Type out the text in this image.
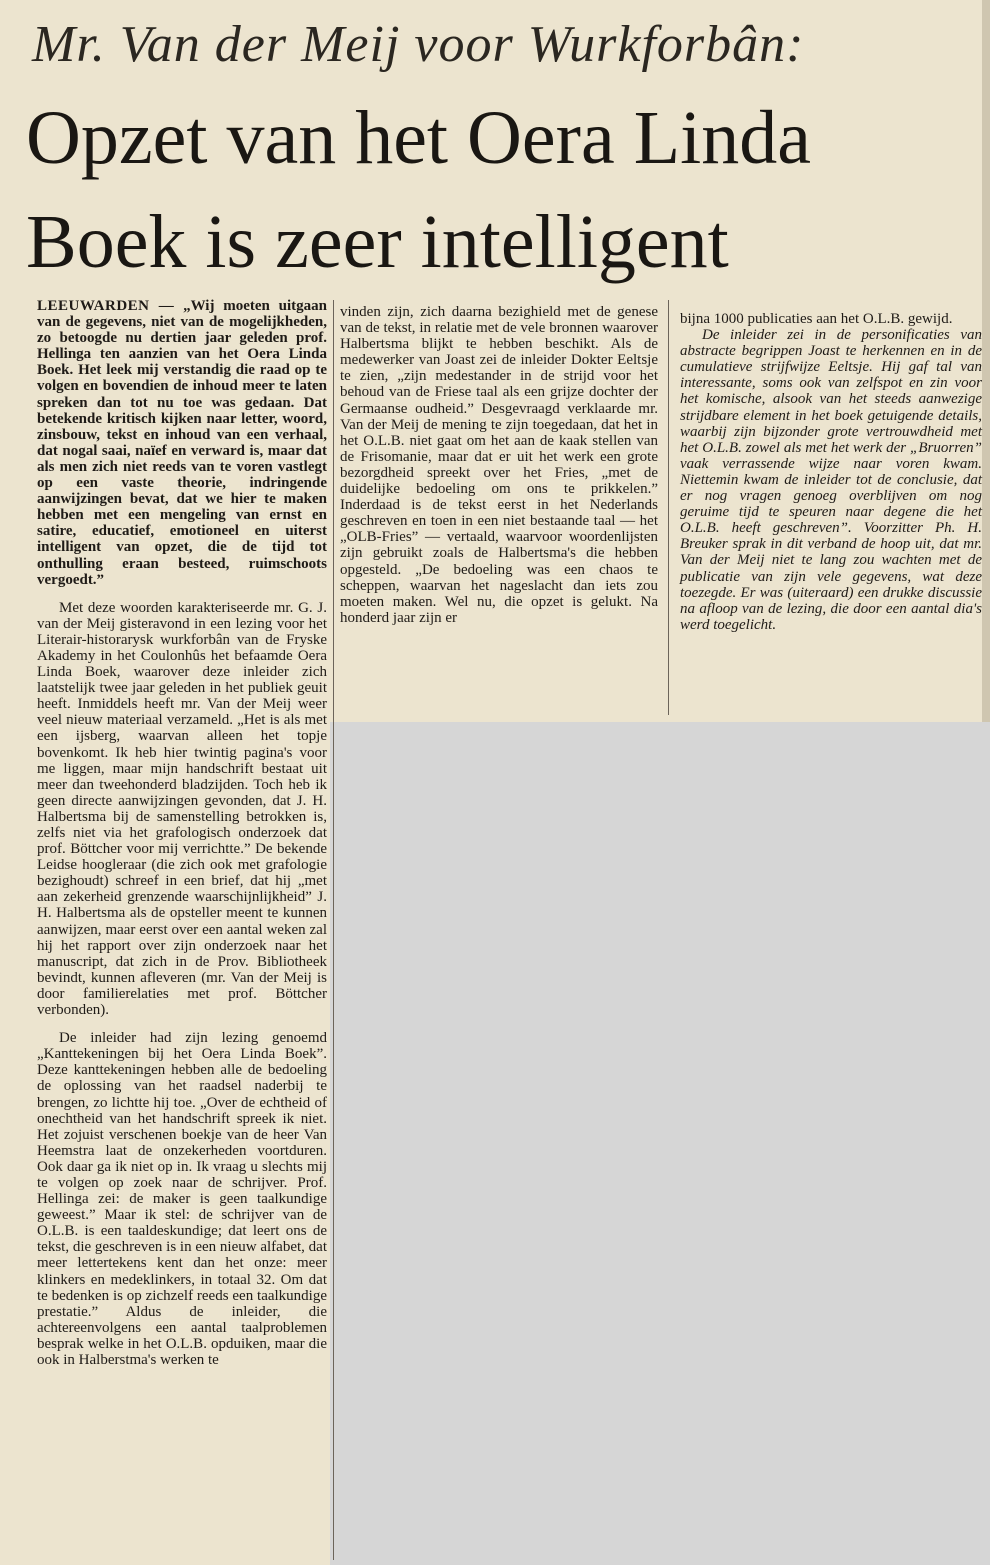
Mr. Van der Meij voor Wurkforbân:
Opzet van het Oera Linda
Boek is zeer intelligent

LEEUWARDEN — „Wij moeten uitgaan van de gegevens, niet van de mogelijkheden, zo betoogde nu dertien jaar geleden prof. Hellinga ten aanzien van het Oera Linda Boek. Het leek mij verstandig die raad op te volgen en bovendien de inhoud meer te laten spreken dan tot nu toe was gedaan. Dat betekende kritisch kijken naar letter, woord, zinsbouw, tekst en inhoud van een verhaal, dat nogal saai, naïef en verward is, maar dat als men zich niet reeds van te voren vastlegt op een vaste theorie, indringende aanwijzingen bevat, dat we hier te maken hebben met een mengeling van ernst en satire, educatief, emotioneel en uiterst intelligent van opzet, die de tijd tot onthulling eraan besteed, ruimschoots vergoedt.”

Met deze woorden karakteriseerde mr. G. J. van der Meij gisteravond in een lezing voor het Literair-historarysk wurkforbân van de Fryske Akademy in het Coulonhûs het befaamde Oera Linda Boek, waarover deze inleider zich laatstelijk twee jaar geleden in het publiek geuit heeft. Inmiddels heeft mr. Van der Meij weer veel nieuw materiaal verzameld. „Het is als met een ijsberg, waarvan alleen het topje bovenkomt. Ik heb hier twintig pagina's voor me liggen, maar mijn handschrift bestaat uit meer dan tweehonderd bladzijden. Toch heb ik geen directe aanwijzingen gevonden, dat J. H. Halbertsma bij de samenstelling betrokken is, zelfs niet via het grafologisch onderzoek dat prof. Böttcher voor mij verrichtte.” De bekende Leidse hoogleraar (die zich ook met grafologie bezighoudt) schreef in een brief, dat hij „met aan zekerheid grenzende waarschijnlijkheid” J. H. Halbertsma als de opsteller meent te kunnen aanwijzen, maar eerst over een aantal weken zal hij het rapport over zijn onderzoek naar het manuscript, dat zich in de Prov. Bibliotheek bevindt, kunnen afleveren (mr. Van der Meij is door familierelaties met prof. Böttcher verbonden).

De inleider had zijn lezing genoemd „Kanttekeningen bij het Oera Linda Boek”. Deze kanttekeningen hebben alle de bedoeling de oplossing van het raadsel naderbij te brengen, zo lichtte hij toe. „Over de echtheid of onechtheid van het handschrift spreek ik niet. Het zojuist verschenen boekje van de heer Van Heemstra laat de onzekerheden voortduren. Ook daar ga ik niet op in. Ik vraag u slechts mij te volgen op zoek naar de schrijver. Prof. Hellinga zei: de maker is geen taalkundige geweest.” Maar ik stel: de schrijver van de O.L.B. is een taaldeskundige; dat leert ons de tekst, die geschreven is in een nieuw alfabet, dat meer lettertekens kent dan het onze: meer klinkers en medeklinkers, in totaal 32. Om dat te bedenken is op zichzelf reeds een taalkundige prestatie.” Aldus de inleider, die achtereenvolgens een aantal taalproblemen besprak welke in het O.L.B. opduiken, maar die ook in Halberstma's werken te

vinden zijn, zich daarna bezighield met de genese van de tekst, in relatie met de vele bronnen waarover Halbertsma blijkt te hebben beschikt. Als de medewerker van Joast zei de inleider Dokter Eeltsje te zien, „zijn medestander in de strijd voor het behoud van de Friese taal als een grijze dochter der Germaanse oudheid.” Desgevraagd verklaarde mr. Van der Meij de mening te zijn toegedaan, dat het in het O.L.B. niet gaat om het aan de kaak stellen van de Frisomanie, maar dat er uit het werk een grote bezorgdheid spreekt over het Fries, „met de duidelijke bedoeling om ons te prikkelen.” Inderdaad is de tekst eerst in het Nederlands geschreven en toen in een niet bestaande taal — het „OLB-Fries” — vertaald, waarvoor woordenlijsten zijn gebruikt zoals de Halbertsma's die hebben opgesteld. „De bedoeling was een chaos te scheppen, waarvan het nageslacht dan iets zou moeten maken. Wel nu, die opzet is gelukt. Na honderd jaar zijn er

bijna 1000 publicaties aan het O.L.B. gewijd.

De inleider zei in de personificaties van abstracte begrippen Joast te herkennen en in de cumulatieve strijfwijze Eeltsje. Hij gaf tal van interessante, soms ook van zelfspot en zin voor het komische, alsook van het steeds aanwezige strijdbare element in het boek getuigende details, waarbij zijn bijzonder grote vertrouwdheid met het O.L.B. zowel als met het werk der „Bruorren” vaak verrassende wijze naar voren kwam. Niettemin kwam de inleider tot de conclusie, dat er nog vragen genoeg overblijven om nog geruime tijd te speuren naar degene die het O.L.B. heeft geschreven”. Voorzitter Ph. H. Breuker sprak in dit verband de hoop uit, dat mr. Van der Meij niet te lang zou wachten met de publicatie van zijn vele gegevens, wat deze toezegde. Er was (uiteraard) een drukke discussie na afloop van de lezing, die door een aantal dia's werd toegelicht.
